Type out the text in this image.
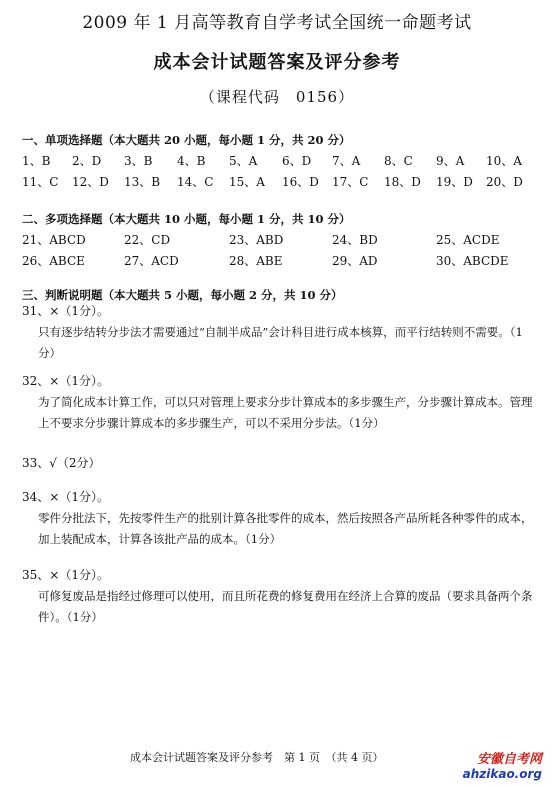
2009 年 1 月高等教育自学考试全国统一命题考试
成本会计试题答案及评分参考
（课程代码　0156）
一、单项选择题（本大题共 20 小题，每小题 1 分，共 20 分）
1、B 2、D 3、B 4、B 5、A 6、D 7、A 8、C 9、A 10、A
11、C 12、D 13、B 14、C 15、A 16、D 17、C 18、D 19、D 20、D
二、多项选择题（本大题共 10 小题，每小题 1 分，共 10 分）
21、ABCD	22、CD	23、ABD	24、BD	25、ACDE
26、ABCE	27、ACD	28、ABE	29、AD	30、ABCDE
三、判断说明题（本大题共 5 小题，每小题 2 分，共 10 分）
31、×（1分）。
只有逐步结转分步法才需要通过“自制半成品”会计科目进行成本核算，而平行结转则不需要。（1分）
32、×（1分）。
为了简化成本计算工作，可以只对管理上要求分步计算成本的多步骤生产，分步骤计算成本。管理上不要求分步骤计算成本的多步骤生产，可以不采用分步法。（1分）
33、√（2分）
34、×（1分）。
零件分批法下，先按零件生产的批别计算各批零件的成本，然后按照各产品所耗各种零件的成本，加上装配成本，计算各该批产品的成本。（1分）
35、×（1分）。
可修复废品是指经过修理可以使用，而且所花费的修复费用在经济上合算的废品（要求具备两个条件）。（1分）
成本会计试题答案及评分参考　第 1 页　（共 4 页）	安徽自考网
ahzikao.org
